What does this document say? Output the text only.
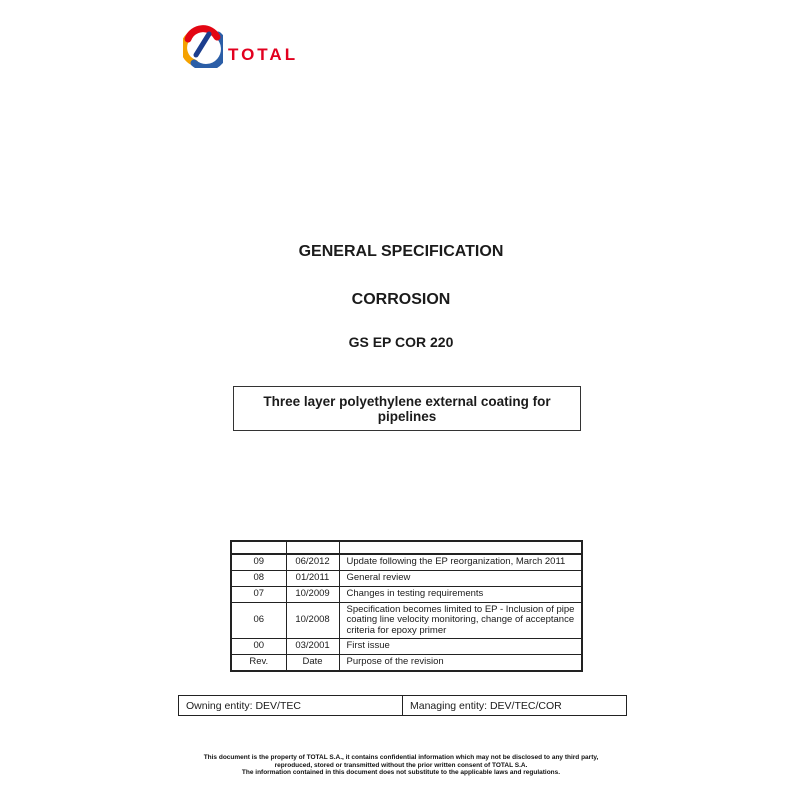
TOTAL
GENERAL SPECIFICATION
CORROSION
GS EP COR 220
Three layer polyethylene external coating for pipelines

09	06/2012	Update following the EP reorganization, March 2011
08	01/2011	General review
07	10/2009	Changes in testing requirements
06	10/2008	Specification becomes limited to EP - Inclusion of pipe coating line velocity monitoring, change of acceptance criteria for epoxy primer
00	03/2001	First issue
Rev.	Date	Purpose of the revision
Owning entity: DEV/TEC	Managing entity: DEV/TEC/COR
This document is the property of TOTAL S.A., it contains confidential information which may not be disclosed to any third party,
reproduced, stored or transmitted without the prior written consent of TOTAL S.A.
The information contained in this document does not substitute to the applicable laws and regulations.
